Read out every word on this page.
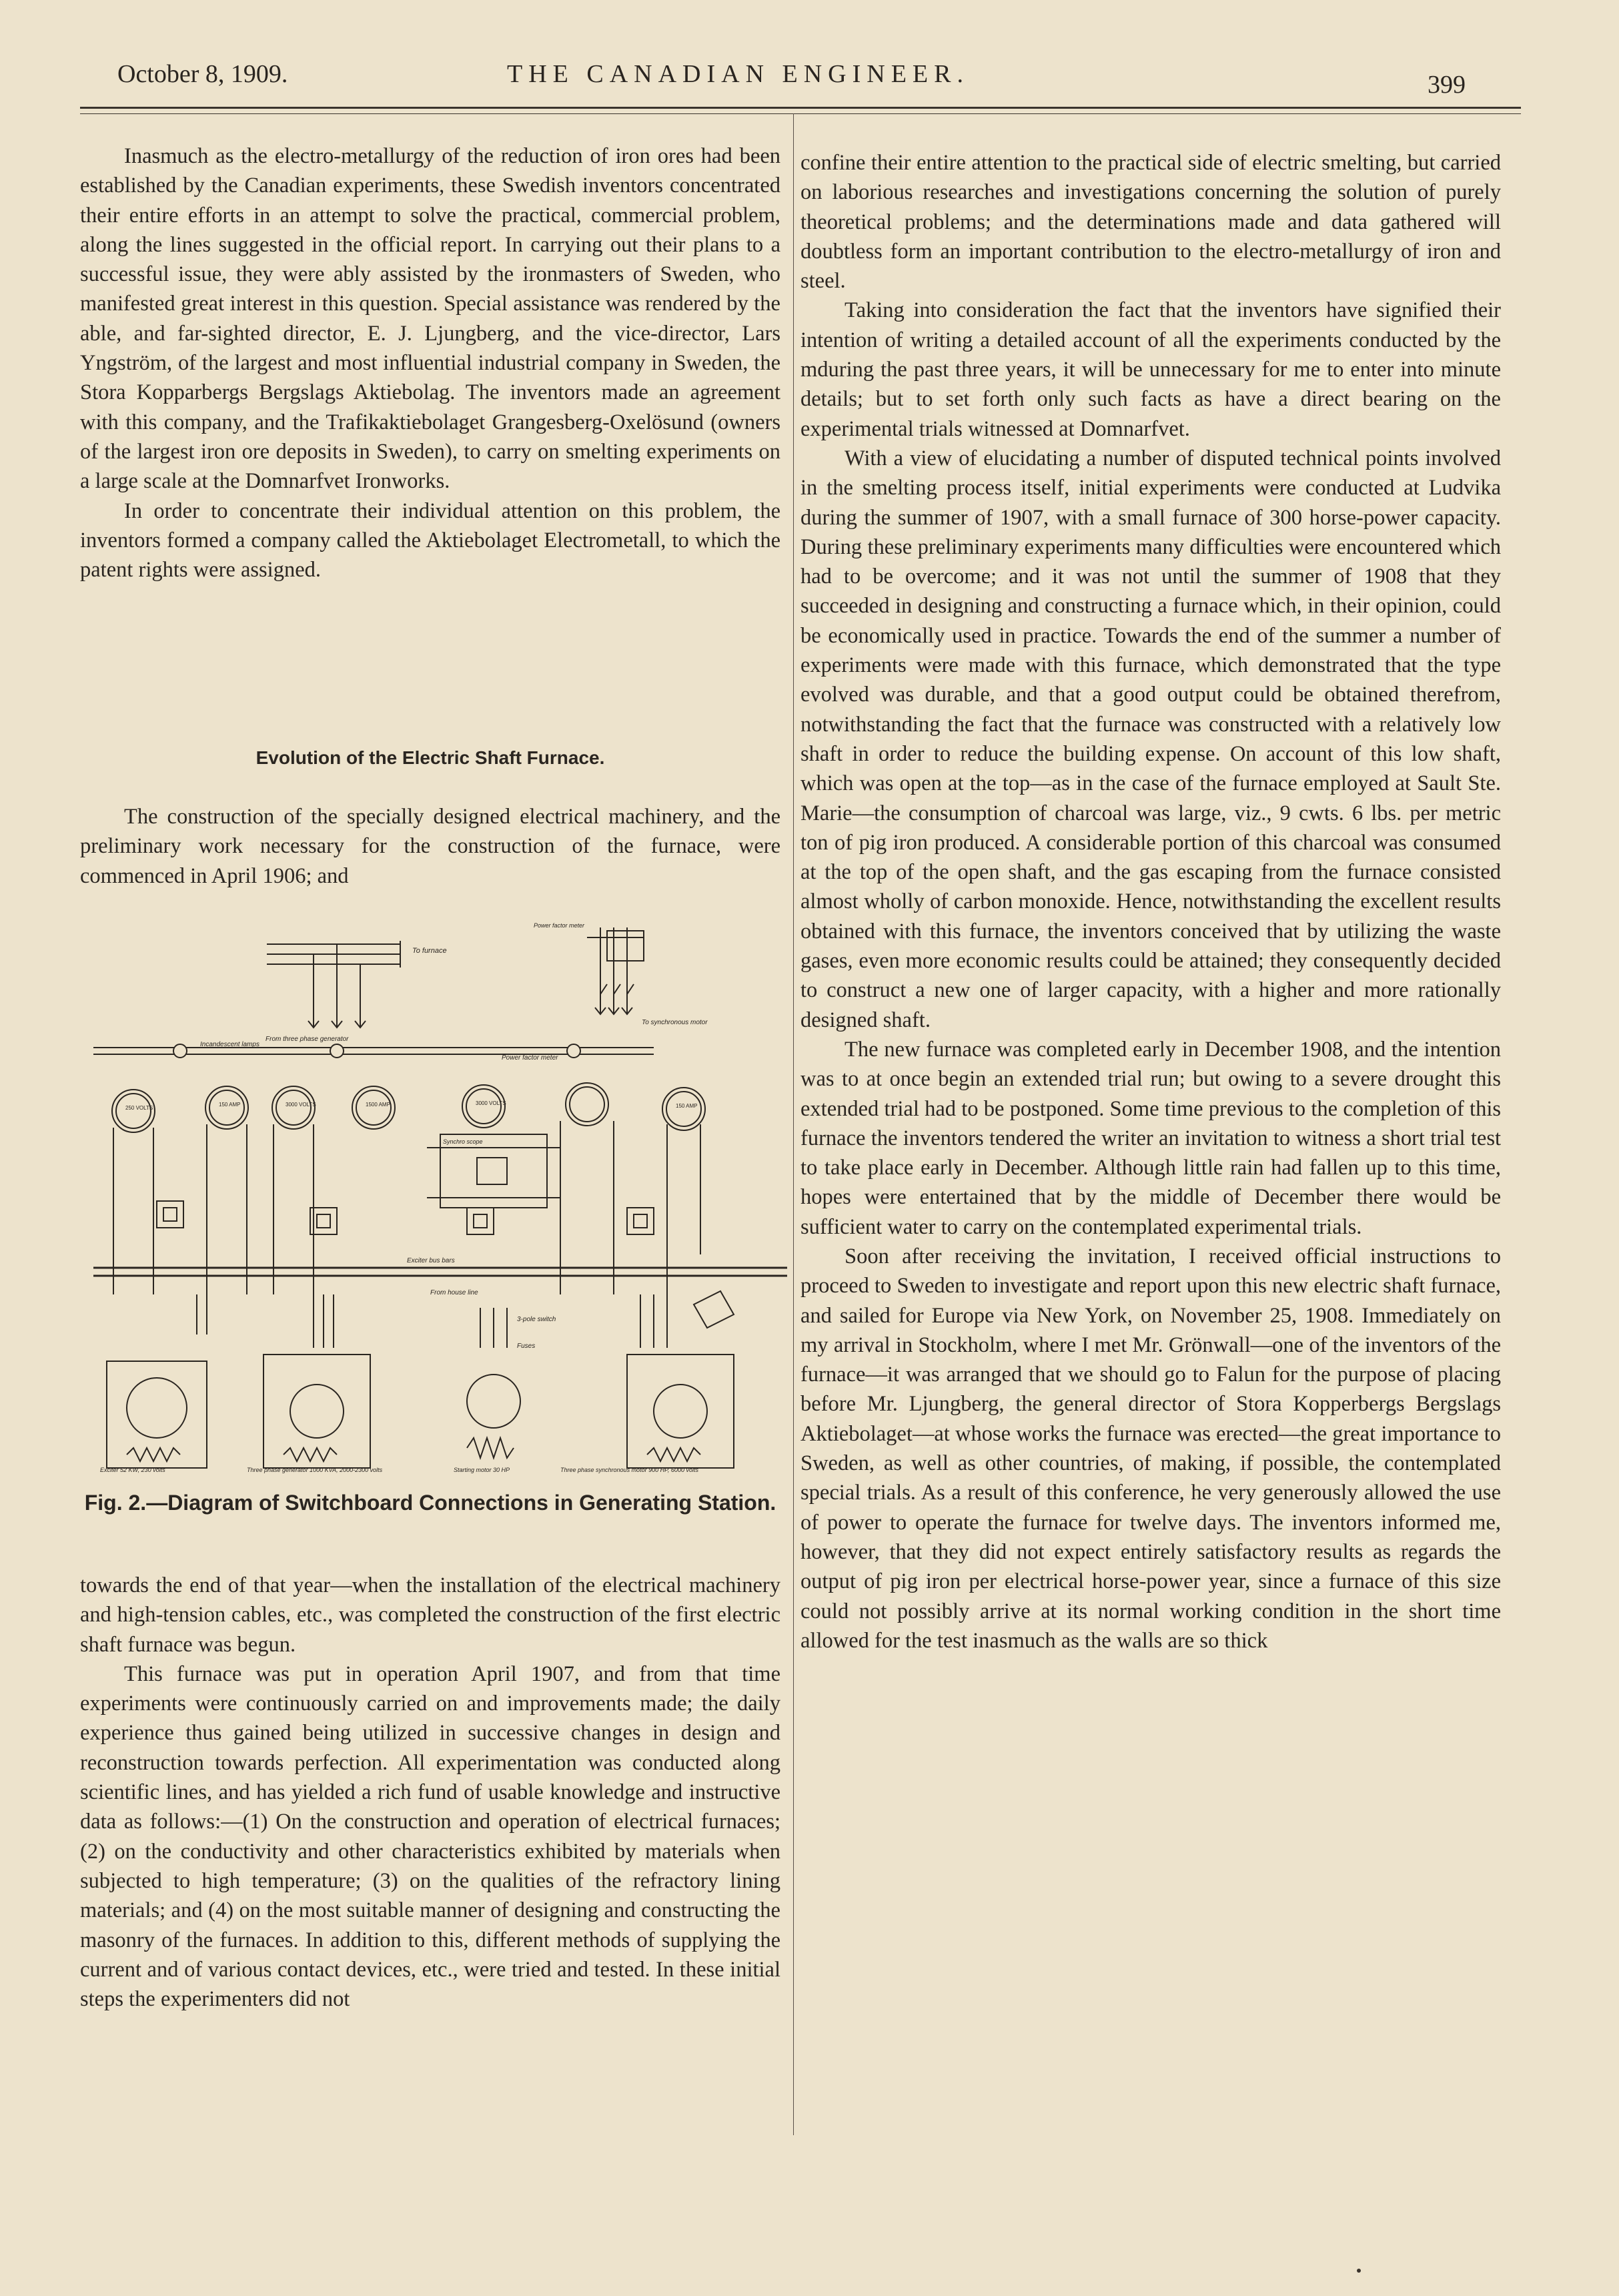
October 8, 1909.	THE CANADIAN ENGINEER.	399

Inasmuch as the electro-metallurgy of the reduction of iron ores had been established by the Canadian experiments, these Swedish inventors concentrated their entire efforts in an attempt to solve the practical, commercial problem, along the lines suggested in the official report. In carrying out their plans to a successful issue, they were ably assisted by the ironmasters of Sweden, who manifested great interest in this question. Special assistance was rendered by the able, and far-sighted director, E. J. Ljungberg, and the vice-director, Lars Yngström, of the largest and most influential industrial company in Sweden, the Stora Kopparbergs Bergslags Aktiebolag. The inventors made an agreement with this company, and the Trafikaktiebolaget Grangesberg-Oxelösund (owners of the largest iron ore deposits in Sweden), to carry on smelting experiments on a large scale at the Domnarfvet Ironworks.

In order to concentrate their individual attention on this problem, the inventors formed a company called the Aktiebolaget Electrometall, to which the patent rights were assigned.

Evolution of the Electric Shaft Furnace.

The construction of the specially designed electrical machinery, and the preliminary work necessary for the construction of the furnace, were commenced in April 1906; and

To furnace
From three phase generator
Power factor meter
To synchronous motor
Incandescent lamps
Power factor meter
250 VOLTS
150 AMP	3000 VOLTS	1500 AMP	3000 VOLTS	150 AMP
Synchro scope
Exciter bus bars
From house line
3-pole switch
Fuses
Exciter 52 KW, 230 volts	Three phase generator 1000 KVA, 2000-2300 volts	Starting motor 30 HP	Three phase synchronous motor 900 HP, 6000 volts
Fig. 2.—Diagram of Switchboard Connections in Generating Station.

towards the end of that year—when the installation of the electrical machinery and high-tension cables, etc., was completed the construction of the first electric shaft furnace was begun.

This furnace was put in operation April 1907, and from that time experiments were continuously carried on and improvements made; the daily experience thus gained being utilized in successive changes in design and reconstruction towards perfection. All experimentation was conducted along scientific lines, and has yielded a rich fund of usable knowledge and instructive data as follows:—(1) On the construction and operation of electrical furnaces; (2) on the conductivity and other characteristics exhibited by materials when subjected to high temperature; (3) on the qualities of the refractory lining materials; and (4) on the most suitable manner of designing and constructing the masonry of the furnaces. In addition to this, different methods of supplying the current and of various contact devices, etc., were tried and tested. In these initial steps the experimenters did not

confine their entire attention to the practical side of electric smelting, but carried on laborious researches and investigations concerning the solution of purely theoretical problems; and the determinations made and data gathered will doubtless form an important contribution to the electro-metallurgy of iron and steel.

Taking into consideration the fact that the inventors have signified their intention of writing a detailed account of all the experiments conducted by the mduring the past three years, it will be unnecessary for me to enter into minute details; but to set forth only such facts as have a direct bearing on the experimental trials witnessed at Domnarfvet.

With a view of elucidating a number of disputed technical points involved in the smelting process itself, initial experiments were conducted at Ludvika during the summer of 1907, with a small furnace of 300 horse-power capacity. During these preliminary experiments many difficulties were encountered which had to be overcome; and it was not until the summer of 1908 that they succeeded in designing and constructing a furnace which, in their opinion, could be economically used in practice. Towards the end of the summer a number of experiments were made with this furnace, which demonstrated that the type evolved was durable, and that a good output could be obtained therefrom, notwithstanding the fact that the furnace was constructed with a relatively low shaft in order to reduce the building expense. On account of this low shaft, which was open at the top—as in the case of the furnace employed at Sault Ste. Marie—the consumption of charcoal was large, viz., 9 cwts. 6 lbs. per metric ton of pig iron produced. A considerable portion of this charcoal was consumed at the top of the open shaft, and the gas escaping from the furnace consisted almost wholly of carbon monoxide. Hence, notwithstanding the excellent results obtained with this furnace, the inventors conceived that by utilizing the waste gases, even more economic results could be attained; they consequently decided to construct a new one of larger capacity, with a higher and more rationally designed shaft.

The new furnace was completed early in December 1908, and the intention was to at once begin an extended trial run; but owing to a severe drought this extended trial had to be postponed. Some time previous to the completion of this furnace the inventors tendered the writer an invitation to witness a short trial test to take place early in December. Although little rain had fallen up to this time, hopes were entertained that by the middle of December there would be sufficient water to carry on the contemplated experimental trials.

Soon after receiving the invitation, I received official instructions to proceed to Sweden to investigate and report upon this new electric shaft furnace, and sailed for Europe via New York, on November 25, 1908. Immediately on my arrival in Stockholm, where I met Mr. Grönwall—one of the inventors of the furnace—it was arranged that we should go to Falun for the purpose of placing before Mr. Ljungberg, the general director of Stora Kopperbergs Bergslags Aktiebolaget—at whose works the furnace was erected—the great importance to Sweden, as well as other countries, of making, if possible, the contemplated special trials. As a result of this conference, he very generously allowed the use of power to operate the furnace for twelve days. The inventors informed me, however, that they did not expect entirely satisfactory results as regards the output of pig iron per electrical horse-power year, since a furnace of this size could not possibly arrive at its normal working condition in the short time allowed for the test inasmuch as the walls are so thick
